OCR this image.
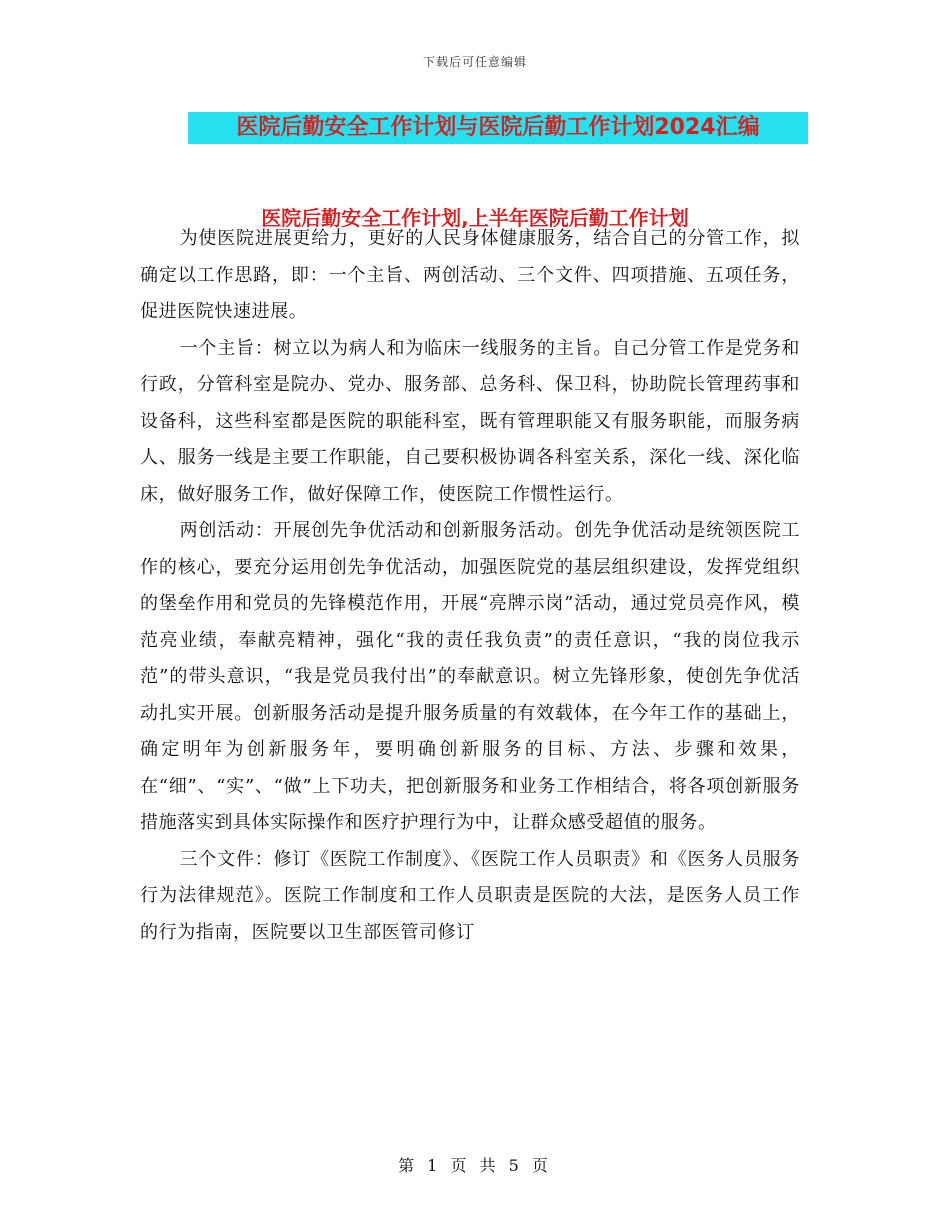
下载后可任意编辑
医院后勤安全工作计划与医院后勤工作计划2024汇编
医院后勤安全工作计划,上半年医院后勤工作计划

为使医院进展更给力，更好的人民身体健康服务，结合自己的分管工作，拟确定以工作思路，即：一个主旨、两创活动、三个文件、四项措施、五项任务，促进医院快速进展。

一个主旨：树立以为病人和为临床一线服务的主旨。自己分管工作是党务和行政，分管科室是院办、党办、服务部、总务科、保卫科，协助院长管理药事和设备科，这些科室都是医院的职能科室，既有管理职能又有服务职能，而服务病人、服务一线是主要工作职能，自己要积极协调各科室关系，深化一线、深化临床，做好服务工作，做好保障工作，使医院工作惯性运行。

两创活动：开展创先争优活动和创新服务活动。创先争优活动是统领医院工作的核心，要充分运用创先争优活动，加强医院党的基层组织建设，发挥党组织的堡垒作用和党员的先锋模范作用，开展“亮牌示岗”活动，通过党员亮作风，模范亮业绩，奉献亮精神，强化“我的责任我负责”的责任意识，“我的岗位我示范”的带头意识，“我是党员我付出”的奉献意识。树立先锋形象，使创先争优活动扎实开展。创新服务活动是提升服务质量的有效载体，在今年工作的基础上，确定明年为创新服务年，要明确创新服务的目标、方法、步骤和效果，在“细”、“实”、“做”上下功夫，把创新服务和业务工作相结合，将各项创新服务措施落实到具体实际操作和医疗护理行为中，让群众感受超值的服务。

三个文件：修订《医院工作制度》、《医院工作人员职责》和《医务人员服务行为法律规范》。医院工作制度和工作人员职责是医院的大法，是医务人员工作的行为指南，医院要以卫生部医管司修订

第 1 页 共 5 页
